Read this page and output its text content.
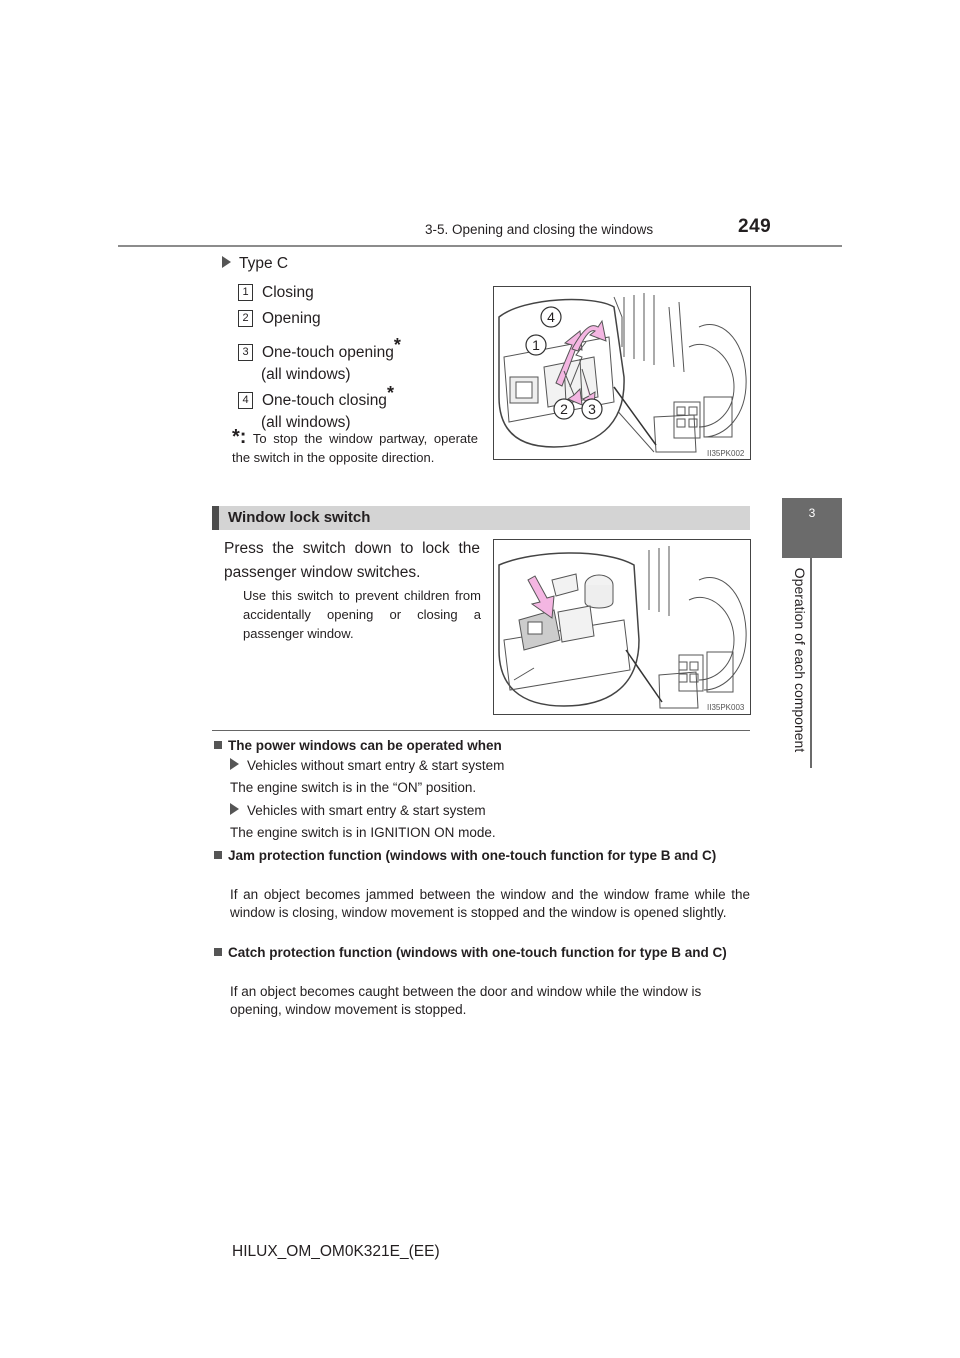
3-5. Opening and closing the windows	249
3
Operation of each component
Type C
1 Closing
2 Opening
3 One-touch opening*
(all windows)
4 One-touch closing*
(all windows)
*: To stop the window partway, operate the switch in the opposite direction.
4
1
2 3
II35PK002
Window lock switch
Press the switch down to lock the passenger window switches.
Use this switch to prevent children from accidentally opening or closing a passenger window.
II35PK003
The power windows can be operated when
Vehicles without smart entry & start system
The engine switch is in the “ON” position.
Vehicles with smart entry & start system
The engine switch is in IGNITION ON mode.
Jam protection function (windows with one-touch function for type B and C)
If an object becomes jammed between the window and the window frame while the window is closing, window movement is stopped and the window is opened slightly.
Catch protection function (windows with one-touch function for type B and C)
If an object becomes caught between the door and window while the window is opening, window movement is stopped.
HILUX_OM_OM0K321E_(EE)
